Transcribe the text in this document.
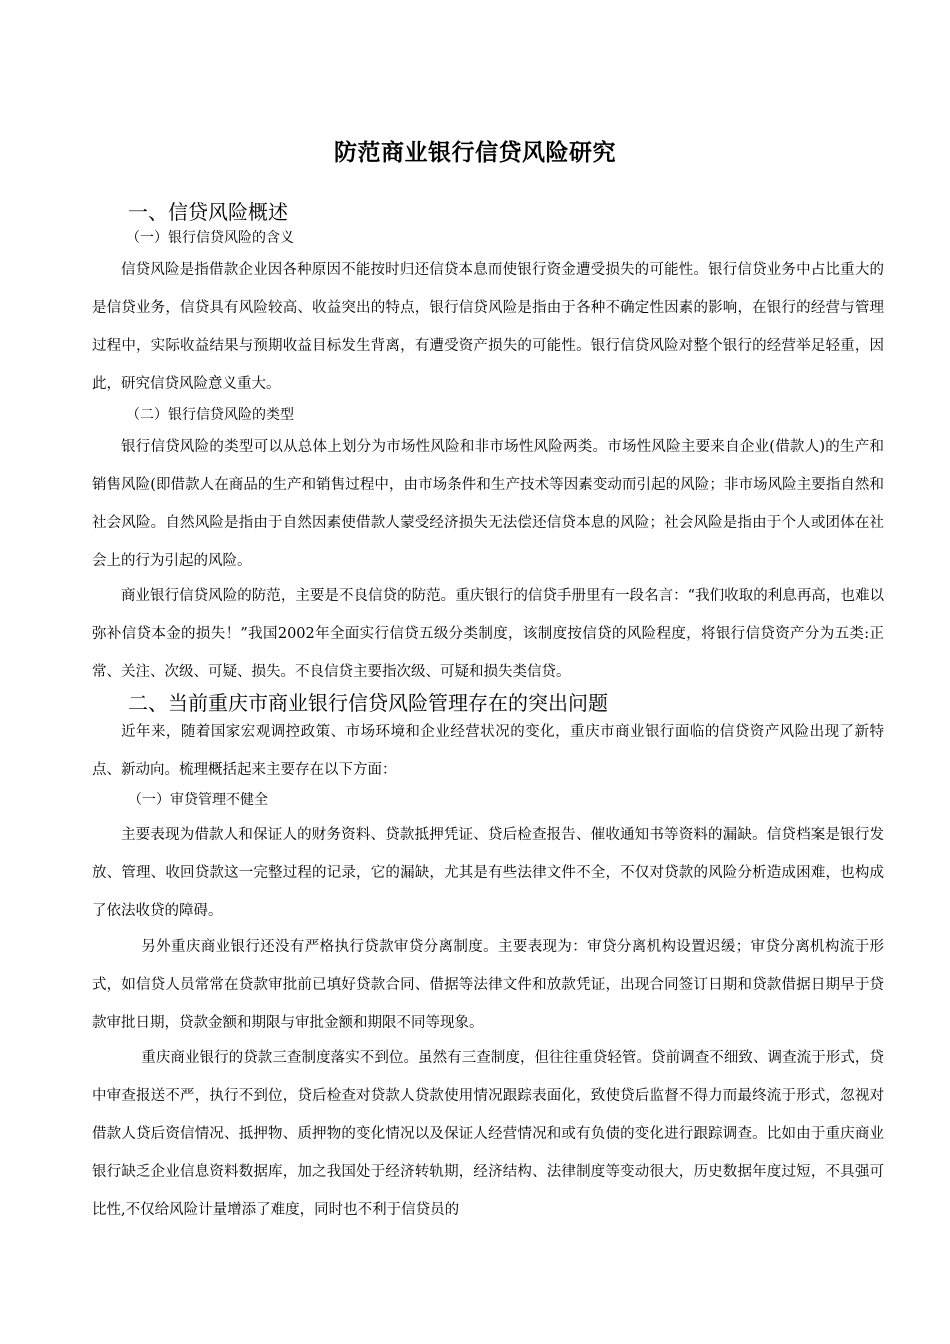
防范商业银行信贷风险研究
一、信贷风险概述
（一）银行信贷风险的含义

信贷风险是指借款企业因各种原因不能按时归还信贷本息而使银行资金遭受损失的可能性。银行信贷业务中占比重大的是信贷业务，信贷具有风险较高、收益突出的特点，银行信贷风险是指由于各种不确定性因素的影响，在银行的经营与管理过程中，实际收益结果与预期收益目标发生背离，有遭受资产损失的可能性。银行信贷风险对整个银行的经营举足轻重，因此，研究信贷风险意义重大。

（二）银行信贷风险的类型

银行信贷风险的类型可以从总体上划分为市场性风险和非市场性风险两类。市场性风险主要来自企业(借款人)的生产和销售风险(即借款人在商品的生产和销售过程中，由市场条件和生产技术等因素变动而引起的风险；非市场风险主要指自然和社会风险。自然风险是指由于自然因素使借款人蒙受经济损失无法偿还信贷本息的风险；社会风险是指由于个人或团体在社会上的行为引起的风险。

商业银行信贷风险的防范，主要是不良信贷的防范。重庆银行的信贷手册里有一段名言：“我们收取的利息再高，也难以弥补信贷本金的损失！”我国2002年全面实行信贷五级分类制度，该制度按信贷的风险程度，将银行信贷资产分为五类:正常、关注、次级、可疑、损失。不良信贷主要指次级、可疑和损失类信贷。

二、当前重庆市商业银行信贷风险管理存在的突出问题

近年来，随着国家宏观调控政策、市场环境和企业经营状况的变化，重庆市商业银行面临的信贷资产风险出现了新特点、新动向。梳理概括起来主要存在以下方面：

（一）审贷管理不健全

主要表现为借款人和保证人的财务资料、贷款抵押凭证、贷后检查报告、催收通知书等资料的漏缺。信贷档案是银行发放、管理、收回贷款这一完整过程的记录，它的漏缺，尤其是有些法律文件不全，不仅对贷款的风险分析造成困难，也构成了依法收贷的障碍。

另外重庆商业银行还没有严格执行贷款审贷分离制度。主要表现为：审贷分离机构设置迟缓；审贷分离机构流于形式，如信贷人员常常在贷款审批前已填好贷款合同、借据等法律文件和放款凭证，出现合同签订日期和贷款借据日期早于贷款审批日期，贷款金额和期限与审批金额和期限不同等现象。

重庆商业银行的贷款三查制度落实不到位。虽然有三查制度，但往往重贷轻管。贷前调查不细致、调查流于形式，贷中审查报送不严，执行不到位，贷后检查对贷款人贷款使用情况跟踪表面化，致使贷后监督不得力而最终流于形式，忽视对借款人贷后资信情况、抵押物、质押物的变化情况以及保证人经营情况和或有负债的变化进行跟踪调查。比如由于重庆商业银行缺乏企业信息资料数据库，加之我国处于经济转轨期，经济结构、法律制度等变动很大，历史数据年度过短，不具强可比性,不仅给风险计量增添了难度，同时也不利于信贷员的
